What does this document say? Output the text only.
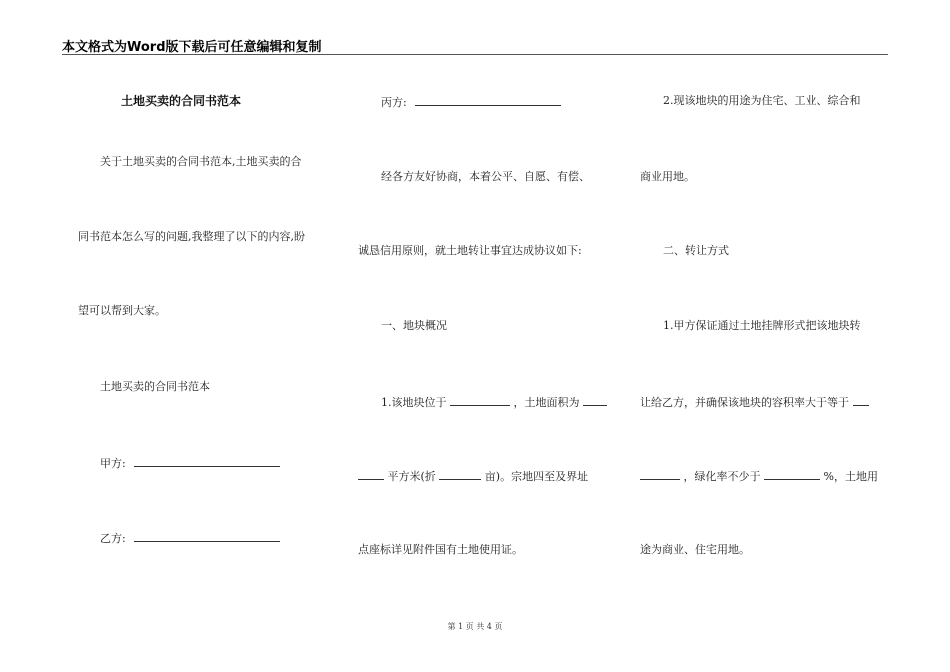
本文格式为Word版下载后可任意编辑和复制
土地买卖的合同书范本
关于土地买卖的合同书范本,土地买卖的合
同书范本怎么写的问题,我整理了以下的内容,盼
望可以帮到大家。
土地买卖的合同书范本
甲方:
乙方:
丙方:
经各方友好协商，本着公平、自愿、有偿、
诚恳信用原则，就土地转让事宜达成协议如下:
一、地块概况
1.该地块位于	，土地面积为
平方米(折	亩)。宗地四至及界址
点座标详见附件国有土地使用证。
2.现该地块的用途为住宅、工业、综合和
商业用地。
二、转让方式
1.甲方保证通过土地挂牌形式把该地块转
让给乙方，并确保该地块的容积率大于等于
，绿化率不少于	%，土地用
途为商业、住宅用地。
第 1 页 共 4 页
